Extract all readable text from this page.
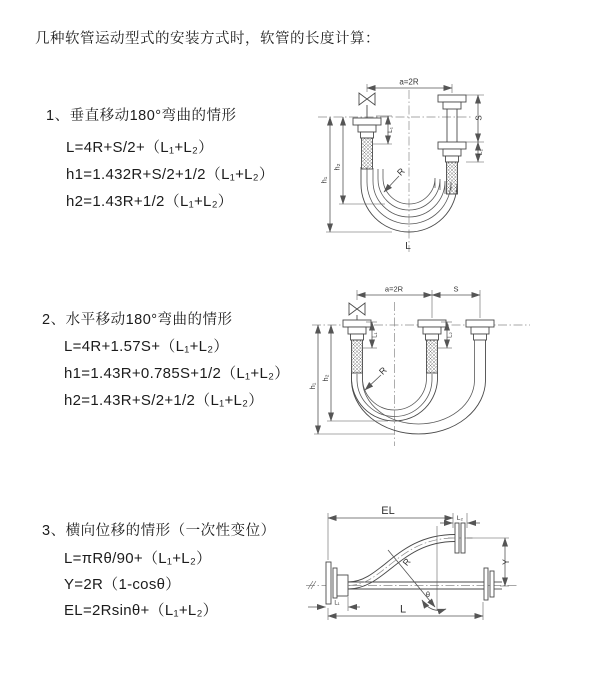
几种软管运动型式的安装方式时，软管的长度计算：
1、垂直移动180°弯曲的情形
L=4R+S/2+（L₁+L₂）
h1=1.432R+S/2+1/2（L₁+L₂）
h2=1.43R+1/2（L₁+L₂）
2、水平移动180°弯曲的情形
L=4R+1.57S+（L₁+L₂）
h1=1.43R+0.785S+1/2（L₁+L₂）
h2=1.43R+S/2+1/2（L₁+L₂）
3、横向位移的情形（一次性变位）
L=πRθ/90+（L₁+L₂）
Y=2R（1-cosθ）
EL=2Rsinθ+（L₁+L₂）
a=2R
h₁
h₂
L₁
S
L₂
R
L
a=2R	S
h₁
h₂
L₁	L₂
R
EL
L₂
R
θ
Y
L₁	L
